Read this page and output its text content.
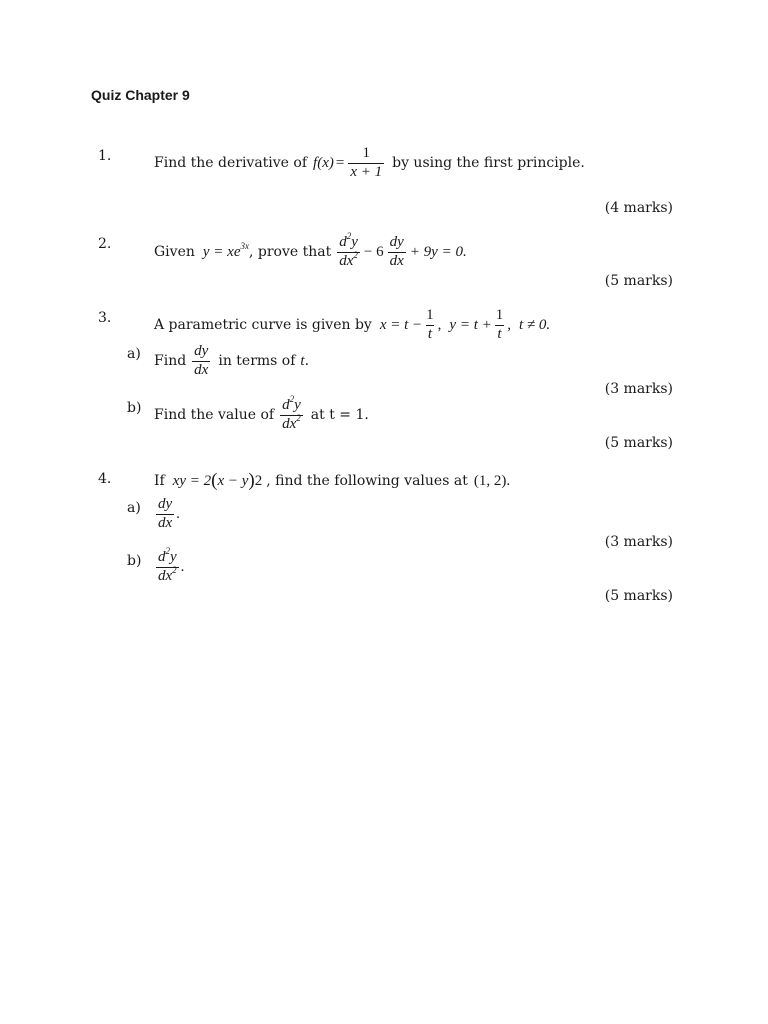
Quiz Chapter 9
1.	Find the derivative of $f(x) = \frac{1}{x + 1}$ by using the first principle.
(4 marks)
2.
Given $y = xe^{3x}$ , prove that $\frac{d^2y}{dx^2} - 6 \frac{dy}{dx} + 9y = 0$.
(5 marks)
3.	A parametric curve is given by $x = t - \frac{1}{t}$ , $y = t + \frac{1}{t}$ , t ≠ 0.
a) Find $\frac{dy}{dx}$ in terms of t .
(3 marks)
b) Find the value of $\frac{d^2y}{dx^2}$ at t = 1.
(5 marks)
4.	If xy = 2 ( x − y ) 2 , find the following values at (1, 2).
$a) \frac{dy}{dx}$ .
(3 marks)
$b) \frac{d^2y}{dx^2}$ .
(5 marks)
